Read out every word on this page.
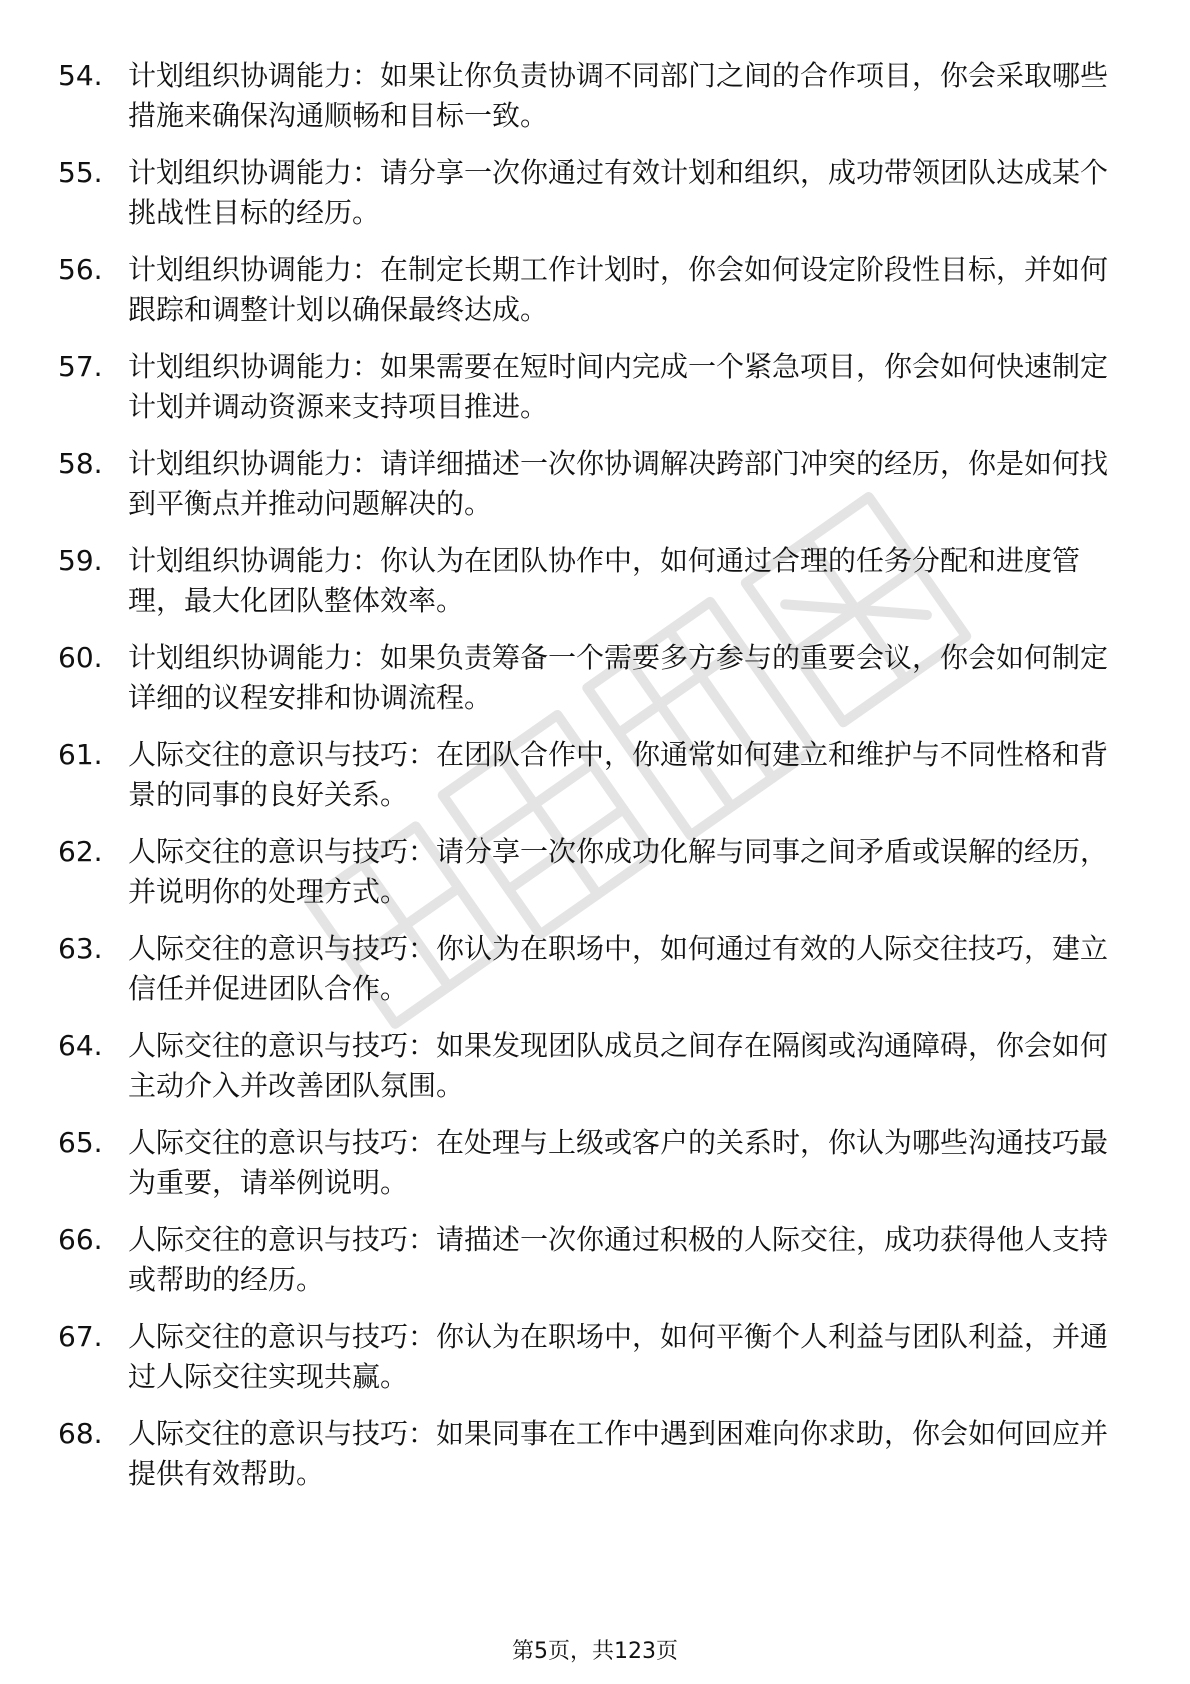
54. 计划组织协调能力：如果让你负责协调不同部门之间的合作项目，你会采取哪些措施来确保沟通顺畅和目标一致。
55. 计划组织协调能力：请分享一次你通过有效计划和组织，成功带领团队达成某个挑战性目标的经历。
56. 计划组织协调能力：在制定长期工作计划时，你会如何设定阶段性目标，并如何跟踪和调整计划以确保最终达成。
57. 计划组织协调能力：如果需要在短时间内完成一个紧急项目，你会如何快速制定计划并调动资源来支持项目推进。
58. 计划组织协调能力：请详细描述一次你协调解决跨部门冲突的经历，你是如何找到平衡点并推动问题解决的。
59. 计划组织协调能力：你认为在团队协作中，如何通过合理的任务分配和进度管理，最大化团队整体效率。
60. 计划组织协调能力：如果负责筹备一个需要多方参与的重要会议，你会如何制定详细的议程安排和协调流程。
61. 人际交往的意识与技巧：在团队合作中，你通常如何建立和维护与不同性格和背景的同事的良好关系。
62. 人际交往的意识与技巧：请分享一次你成功化解与同事之间矛盾或误解的经历，并说明你的处理方式。
63. 人际交往的意识与技巧：你认为在职场中，如何通过有效的人际交往技巧，建立信任并促进团队合作。
64. 人际交往的意识与技巧：如果发现团队成员之间存在隔阂或沟通障碍，你会如何主动介入并改善团队氛围。
65. 人际交往的意识与技巧：在处理与上级或客户的关系时，你认为哪些沟通技巧最为重要，请举例说明。
66. 人际交往的意识与技巧：请描述一次你通过积极的人际交往，成功获得他人支持或帮助的经历。
67. 人际交往的意识与技巧：你认为在职场中，如何平衡个人利益与团队利益，并通过人际交往实现共赢。
68. 人际交往的意识与技巧：如果同事在工作中遇到困难向你求助，你会如何回应并提供有效帮助。
第5页，共123页
